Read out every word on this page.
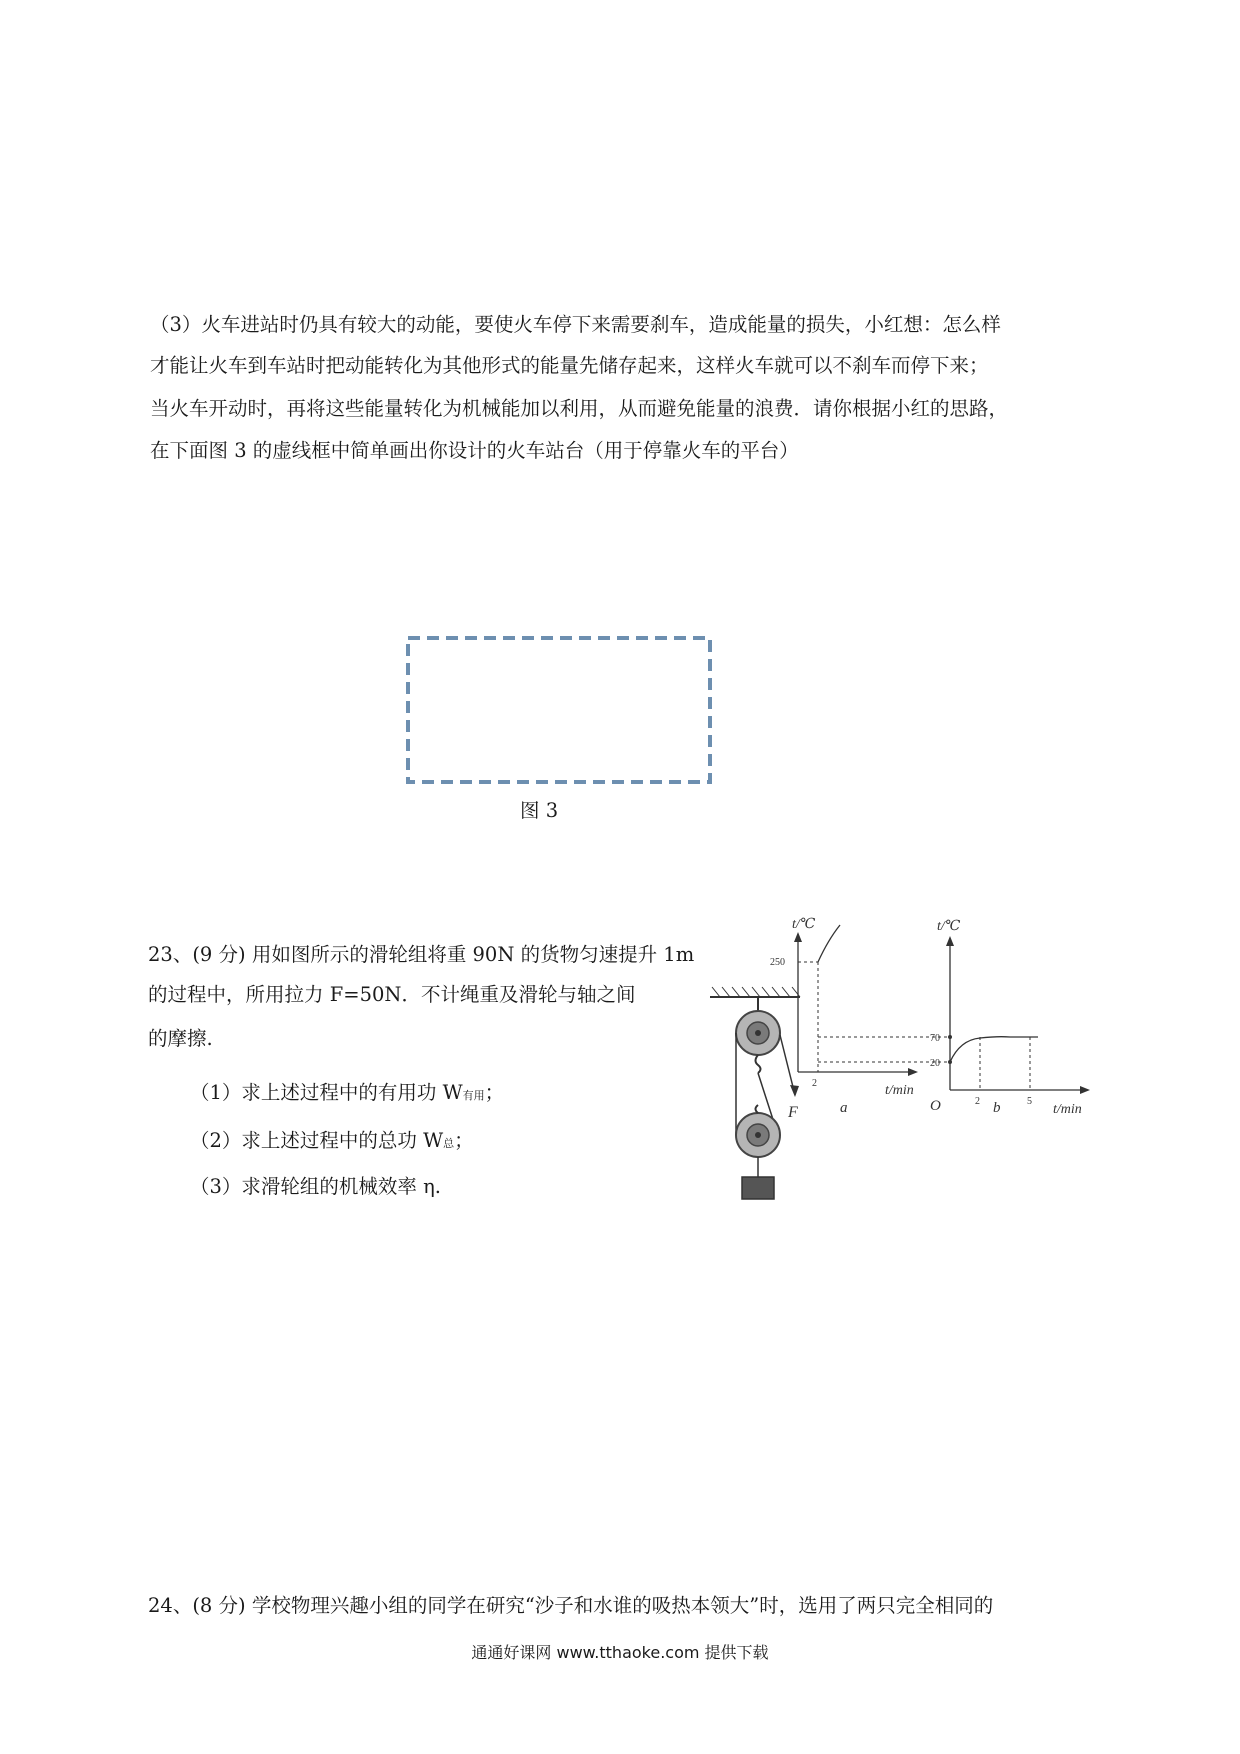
（3）火车进站时仍具有较大的动能，要使火车停下来需要刹车，造成能量的损失，小红想：怎么样
才能让火车到车站时把动能转化为其他形式的能量先储存起来，这样火车就可以不刹车而停下来；
当火车开动时，再将这些能量转化为机械能加以利用，从而避免能量的浪费．请你根据小红的思路，
在下面图 3 的虚线框中简单画出你设计的火车站台（用于停靠火车的平台）
图 3
23、(9 分) 用如图所示的滑轮组将重 90N 的货物匀速提升 1m
的过程中，所用拉力 F=50N．不计绳重及滑轮与轴之间
的摩擦.
（1）求上述过程中的有用功 W有用；
（2）求上述过程中的总功 W总；
（3）求滑轮组的机械效率 η.
F
t/℃
t/min
250
2
a
t/℃
t/min
O
70
20
2	5
b
24、(8 分) 学校物理兴趣小组的同学在研究“沙子和水谁的吸热本领大”时，选用了两只完全相同的
通通好课网 www.tthaoke.com 提供下载
